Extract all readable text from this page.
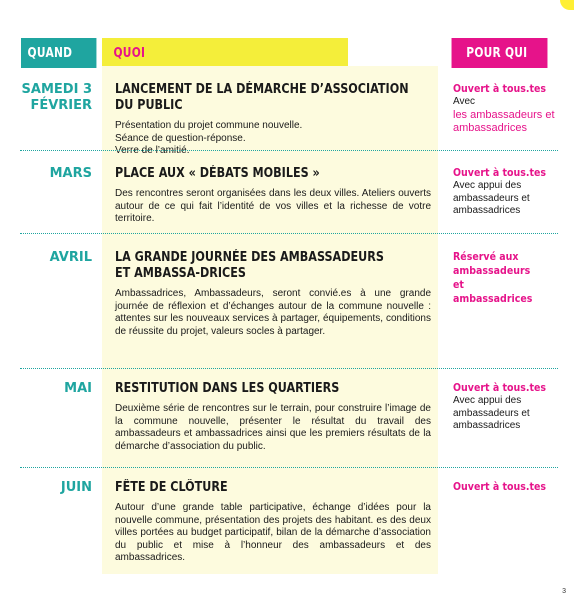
QUAND	QUOI	POUR QUI
SAMEDI 3 FÉVRIER
LANCEMENT DE LA DÉMARCHE D’ASSOCIATION DU PUBLIC
Présentation du projet commune nouvelle.
Séance de question-réponse.
Verre de l’amitié.
Ouvert à tous.tes
Avec
les ambassadeurs et ambassadrices
MARS PLACE AUX « DÉBATS MOBILES »
Des rencontres seront organisées dans les deux villes. Ateliers ouverts autour de ce qui fait l’identité de vos villes et la richesse de votre territoire.
Ouvert à tous.tes
Avec appui des ambassadeurs et ambassadrices
AVRIL LA GRANDE JOURNÉE DES AMBASSADEURS ET AMBASSA-DRICES
Ambassadrices, Ambassadeurs, seront convié.es à une grande journée de réflexion et d’échanges autour de la commune nouvelle : attentes sur les nouveaux services à partager, équipements, conditions de réussite du projet, valeurs socles à partager.
Réservé aux ambassadeurs et ambassadrices
MAI RESTITUTION DANS LES QUARTIERS
Deuxième série de rencontres sur le terrain, pour construire l’image de la commune nouvelle, présenter le résultat du travail des ambassadeurs et ambassadrices ainsi que les premiers résultats de la démarche d’association du public.
Ouvert à tous.tes
Avec appui des ambassadeurs et ambassadrices
JUIN FÊTE DE CLÔTURE
Autour d’une grande table participative, échange d’idées pour la nouvelle commune, présentation des projets des habitant. es des deux villes portées au budget participatif, bilan de la démarche d’association du public et mise à l’honneur des ambassadeurs et des ambassadrices.
Ouvert à tous.tes
3
